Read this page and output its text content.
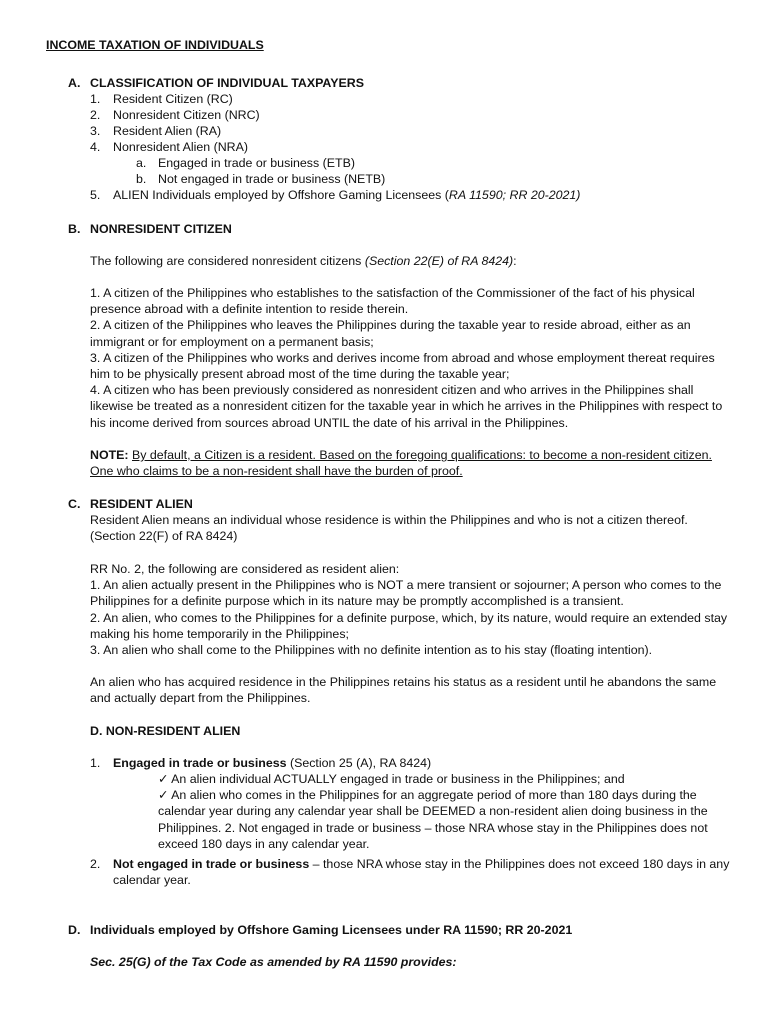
INCOME TAXATION OF INDIVIDUALS
A. CLASSIFICATION OF INDIVIDUAL TAXPAYERS
1. Resident Citizen (RC)
2. Nonresident Citizen (NRC)
3. Resident Alien (RA)
4. Nonresident Alien (NRA)
a. Engaged in trade or business (ETB)
b. Not engaged in trade or business (NETB)
5. ALIEN Individuals employed by Offshore Gaming Licensees (RA 11590; RR 20-2021)
B. NONRESIDENT CITIZEN
The following are considered nonresident citizens (Section 22(E) of RA 8424):

1. A citizen of the Philippines who establishes to the satisfaction of the Commissioner of the fact of his physical presence abroad with a definite intention to reside therein.

2. A citizen of the Philippines who leaves the Philippines during the taxable year to reside abroad, either as an immigrant or for employment on a permanent basis;

3. A citizen of the Philippines who works and derives income from abroad and whose employment thereat requires him to be physically present abroad most of the time during the taxable year;

4. A citizen who has been previously considered as nonresident citizen and who arrives in the Philippines shall likewise be treated as a nonresident citizen for the taxable year in which he arrives in the Philippines with respect to his income derived from sources abroad UNTIL the date of his arrival in the Philippines.

NOTE: By default, a Citizen is a resident. Based on the foregoing qualifications: to become a non-resident citizen. One who claims to be a non-resident shall have the burden of proof.

C. RESIDENT ALIEN

Resident Alien means an individual whose residence is within the Philippines and who is not a citizen thereof. (Section 22(F) of RA 8424)

RR No. 2, the following are considered as resident alien:

1. An alien actually present in the Philippines who is NOT a mere transient or sojourner; A person who comes to the Philippines for a definite purpose which in its nature may be promptly accomplished is a transient.

2. An alien, who comes to the Philippines for a definite purpose, which, by its nature, would require an extended stay making his home temporarily in the Philippines;

3. An alien who shall come to the Philippines with no definite intention as to his stay (floating intention).

An alien who has acquired residence in the Philippines retains his status as a resident until he abandons the same and actually depart from the Philippines.

D. NON-RESIDENT ALIEN
1. Engaged in trade or business (Section 25 (A), RA 8424)

✓ An alien individual ACTUALLY engaged in trade or business in the Philippines; and

✓ An alien who comes in the Philippines for an aggregate period of more than 180 days during the calendar year during any calendar year shall be DEEMED a non-resident alien doing business in the Philippines. 2. Not engaged in trade or business – those NRA whose stay in the Philippines does not exceed 180 days in any calendar year.

2. Not engaged in trade or business – those NRA whose stay in the Philippines does not exceed 180 days in any calendar year.
D. Individuals employed by Offshore Gaming Licensees under RA 11590; RR 20-2021
Sec. 25(G) of the Tax Code as amended by RA 11590 provides:
